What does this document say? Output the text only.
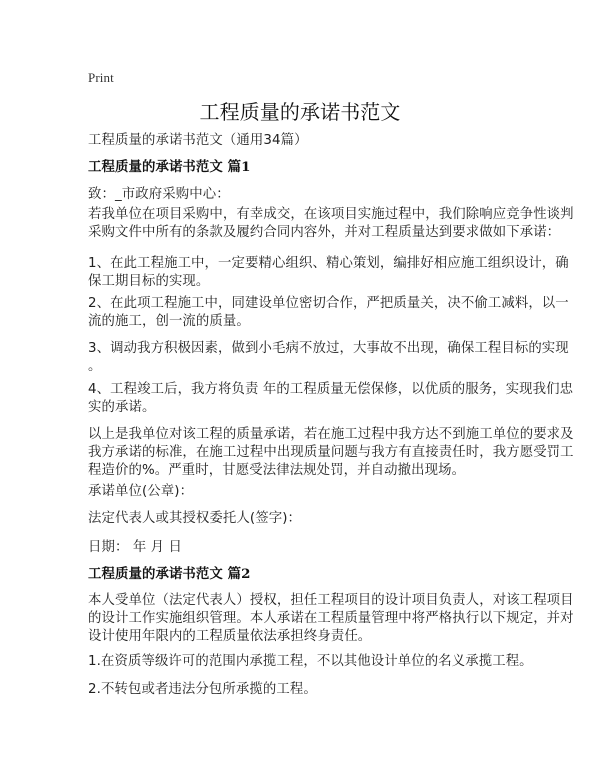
Print
工程质量的承诺书范文
工程质量的承诺书范文（通用34篇）
工程质量的承诺书范文 篇1
致：_市政府采购中心：
若我单位在项目采购中，有幸成交，在该项目实施过程中，我们除响应竞争性谈判
采购文件中所有的条款及履约合同内容外，并对工程质量达到要求做如下承诺：
1、在此工程施工中，一定要精心组织、精心策划，编排好相应施工组织设计，确
保工期目标的实现。
2、在此项工程施工中，同建设单位密切合作，严把质量关，决不偷工减料，以一
流的施工，创一流的质量。
3、调动我方积极因素，做到小毛病不放过，大事故不出现，确保工程目标的实现
。
4、工程竣工后，我方将负责 年的工程质量无偿保修，以优质的服务，实现我们忠
实的承诺。
以上是我单位对该工程的质量承诺，若在施工过程中我方达不到施工单位的要求及
我方承诺的标准，在施工过程中出现质量问题与我方有直接责任时，我方愿受罚工
程造价的%。严重时，甘愿受法律法规处罚，并自动撤出现场。
承诺单位(公章)：
法定代表人或其授权委托人(签字)：
日期： 年 月 日
工程质量的承诺书范文 篇2
本人受单位（法定代表人）授权，担任工程项目的设计项目负责人，对该工程项目
的设计工作实施组织管理。本人承诺在工程质量管理中将严格执行以下规定，并对
设计使用年限内的工程质量依法承担终身责任。
1.在资质等级许可的范围内承揽工程，不以其他设计单位的名义承揽工程。
2.不转包或者违法分包所承揽的工程。
